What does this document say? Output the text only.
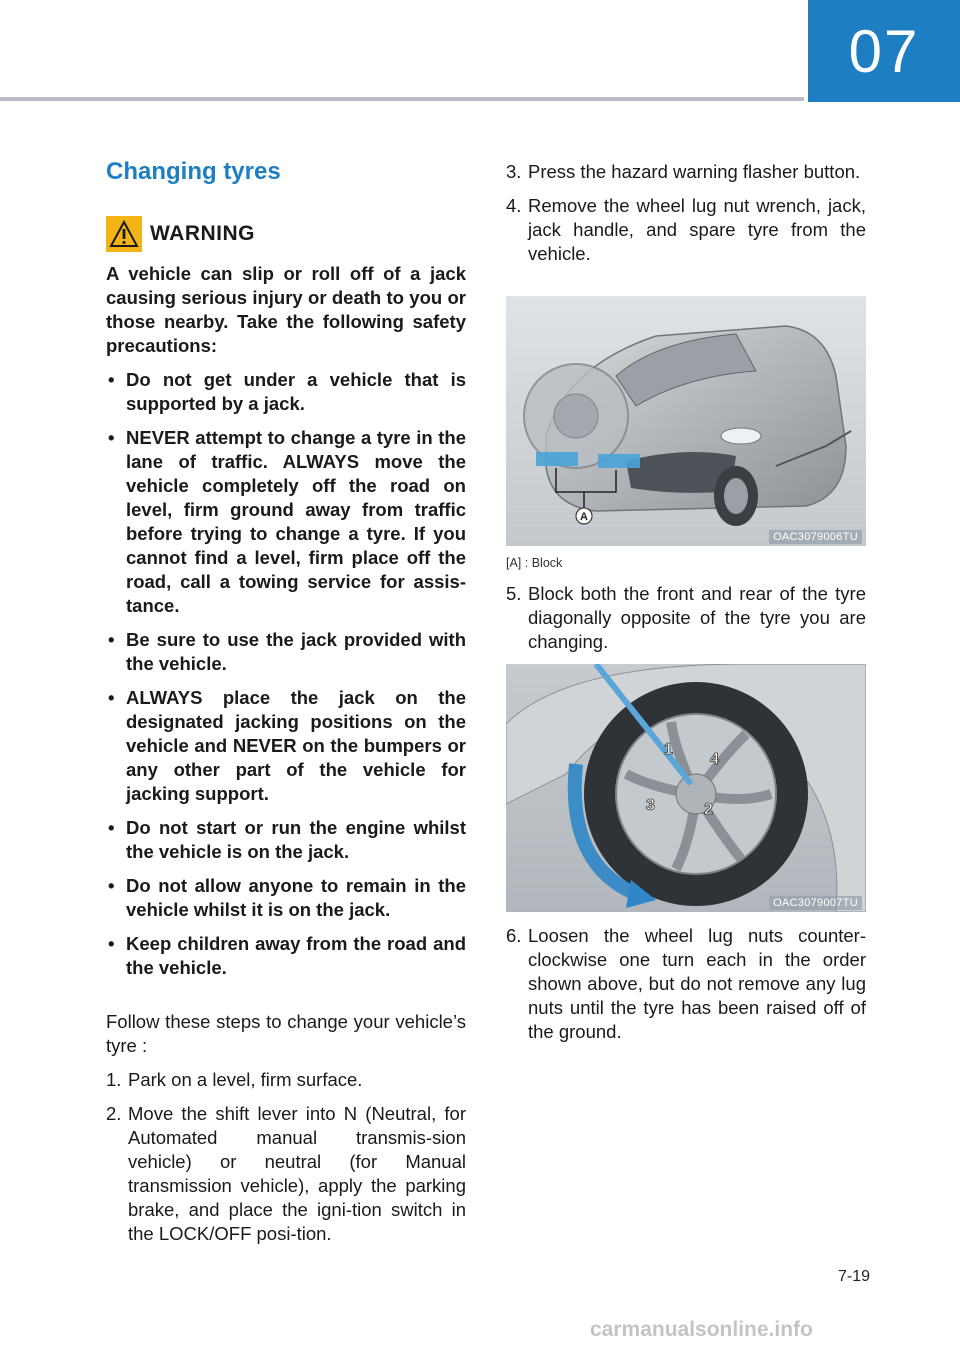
07
Changing tyres
WARNING

A vehicle can slip or roll off of a jack causing serious injury or death to you or those nearby. Take the following safety precautions:

• Do not get under a vehicle that is supported by a jack.
• NEVER attempt to change a tyre in the lane of traffic. ALWAYS move the vehicle completely off the road on level, firm ground away from traffic before trying to change a tyre. If you cannot find a level, firm place off the road, call a towing service for assis-tance.
• Be sure to use the jack provided with the vehicle.
• ALWAYS place the jack on the designated jacking positions on the vehicle and NEVER on the bumpers or any other part of the vehicle for jacking support.
• Do not start or run the engine whilst the vehicle is on the jack.
• Do not allow anyone to remain in the vehicle whilst it is on the jack.
• Keep children away from the road and the vehicle.

Follow these steps to change your vehicle’s tyre :

1. Park on a level, firm surface.
2. Move the shift lever into N (Neutral, for Automated manual transmis-sion vehicle) or neutral (for Manual transmission vehicle), apply the parking brake, and place the igni-tion switch in the LOCK/OFF posi-tion.
3. Press the hazard warning flasher button.
4. Remove the wheel lug nut wrench, jack, jack handle, and spare tyre from the vehicle.
A
OAC3079006TU
[A] : Block
5. Block both the front and rear of the tyre diagonally opposite of the tyre you are changing.
1
4
3	2
OAC3079007TU
6. Loosen the wheel lug nuts counter-clockwise one turn each in the order shown above, but do not remove any lug nuts until the tyre has been raised off of the ground.
7-19
carmanualsonline.info
